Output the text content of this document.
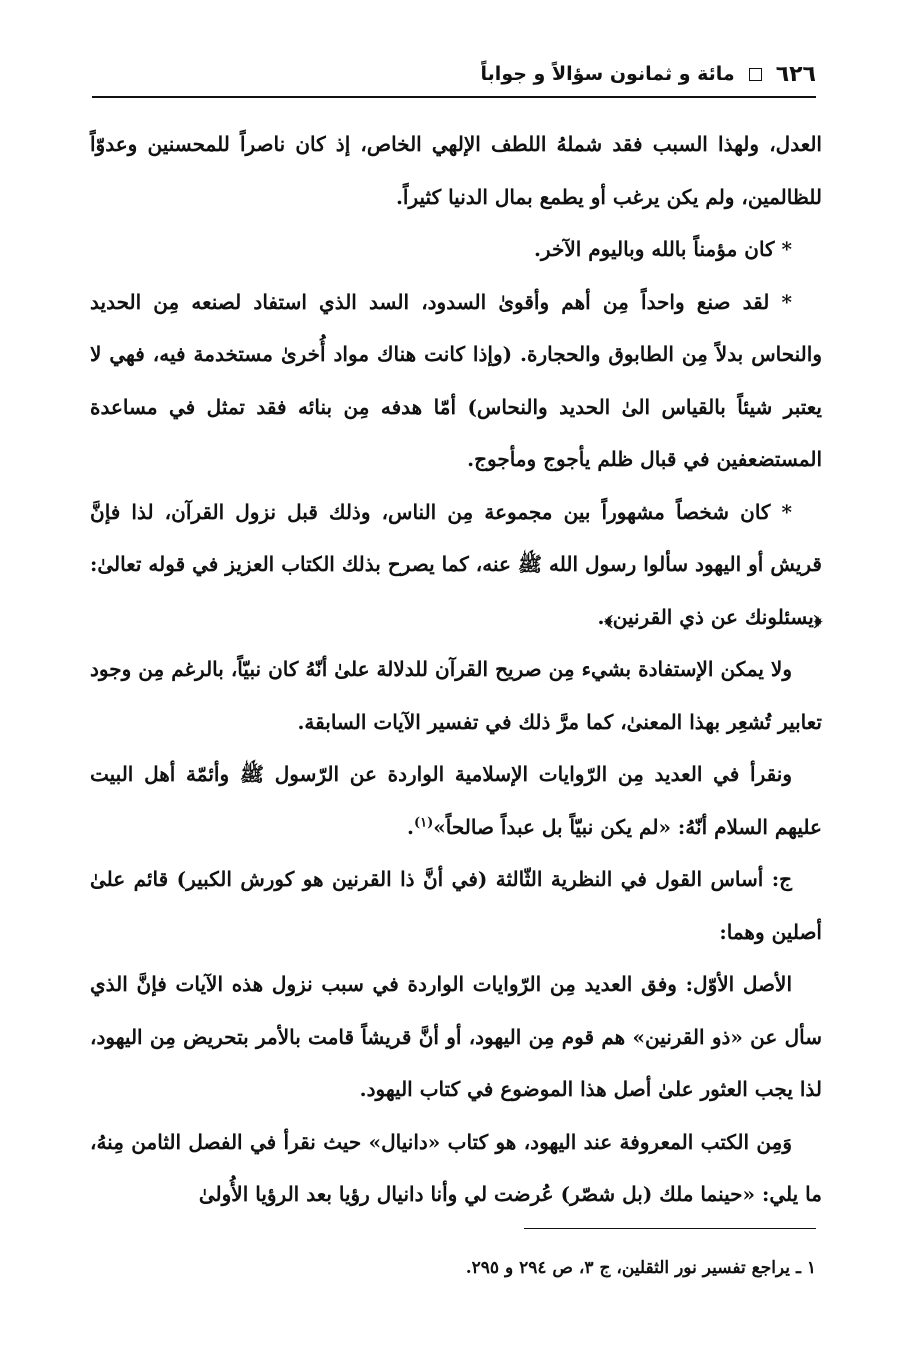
٦٢٦
مائة و ثمانون سؤالاً و جواباً

العدل، ولهذا السبب فقد شملهُ اللطف الإلهي الخاص، إذ كان ناصراً للمحسنين وعدوّاً للظالمين، ولم يكن يرغب أو يطمع بمال الدنيا كثيراً.

* كان مؤمناً بالله وباليوم الآخر.

* لقد صنع واحداً مِن أهم وأقوىٰ السدود، السد الذي استفاد لصنعه مِن الحديد والنحاس بدلاً مِن الطابوق والحجارة. (وإذا كانت هناك مواد أُخرىٰ مستخدمة فيه، فهي لا يعتبر شيئاً بالقياس الىٰ الحديد والنحاس) أمّا هدفه مِن بنائه فقد تمثل في مساعدة المستضعفين في قبال ظلم يأجوج ومأجوج.

* كان شخصاً مشهوراً بين مجموعة مِن الناس، وذلك قبل نزول القرآن، لذا فإنَّ قريش أو اليهود سألوا رسول الله ﷺ عنه، كما يصرح بذلك الكتاب العزيز في قوله تعالىٰ: ﴿يسئلونك عن ذي القرنين﴾.

ولا يمكن الإستفادة بشيء مِن صريح القرآن للدلالة علىٰ أنّهُ كان نبيّاً، بالرغم مِن وجود تعابير تُشعِر بهذا المعنىٰ، كما مرَّ ذلك في تفسير الآيات السابقة.

ونقرأ في العديد مِن الرّوايات الإسلامية الواردة عن الرّسول ﷺ وأئمّة أهل البيت عليهم السلام أنّهُ: «لم يكن نبيّاً بل عبداً صالحاً»$^{(١)}$.

ج: أساس القول في النظرية الثّالثة (في أنَّ ذا القرنين هو كورش الكبير) قائم علىٰ أصلين وهما:

الأصل الأوّل: وفق العديد مِن الرّوايات الواردة في سبب نزول هذه الآيات فإنَّ الذي سأل عن «ذو القرنين» هم قوم مِن اليهود، أو أنَّ قريشاً قامت بالأمر بتحريض مِن اليهود، لذا يجب العثور علىٰ أصل هذا الموضوع في كتاب اليهود.

وَمِن الكتب المعروفة عند اليهود، هو كتاب «دانيال» حيث نقرأ في الفصل الثامن مِنهُ، ما يلي: «حينما ملك (بل شصّر) عُرضت لي وأنا دانيال رؤيا بعد الرؤيا الأُولىٰ

١ ـ يراجع تفسير نور الثقلين، ج ٣، ص ٢٩٤ و ٢٩٥.
